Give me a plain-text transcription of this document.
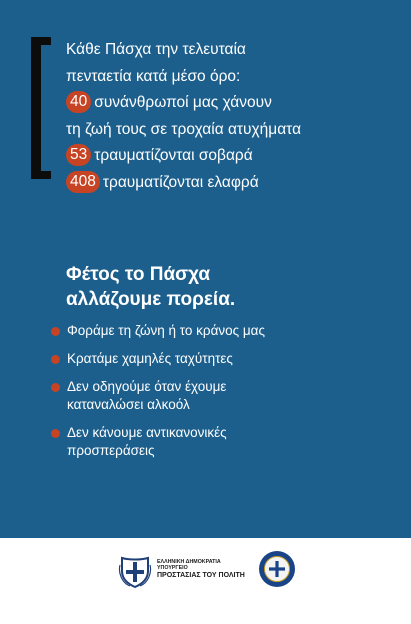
Κάθε Πάσχα την τελευταία
πενταετία κατά μέσο όρο:
40 συνάνθρωποί μας χάνουν
τη ζωή τους σε τροχαία ατυχήματα
53 τραυματίζονται σοβαρά
408 τραυματίζονται ελαφρά
Φέτος το Πάσχα
αλλάζουμε πορεία.
Φοράμε τη ζώνη ή το κράνος μας
Κρατάμε χαμηλές ταχύτητες
Δεν οδηγούμε όταν έχουμε
καταναλώσει αλκοόλ
Δεν κάνουμε αντικανονικές
προσπεράσεις
ΕΛΛΗΝΙΚΗ ΔΗΜΟΚΡΑΤΙΑ
ΥΠΟΥΡΓΕΙΟ
ΠΡΟΣΤΑΣΙΑΣ ΤΟΥ ΠΟΛΙΤΗ
